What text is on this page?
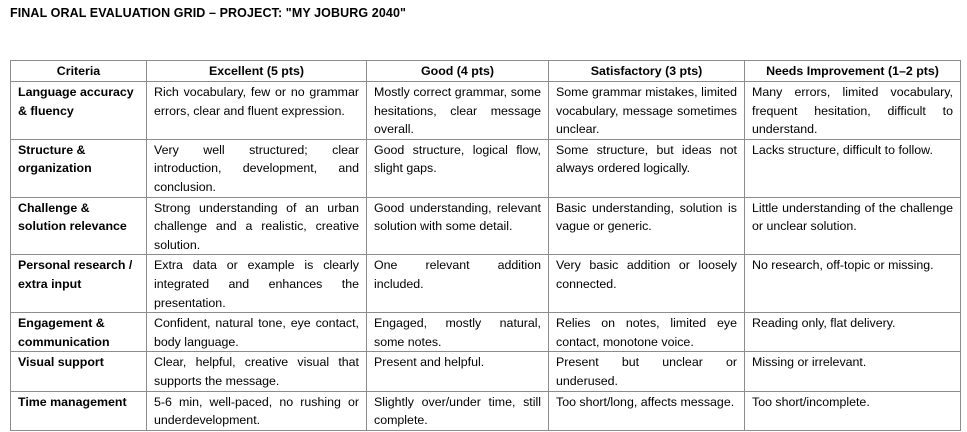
FINAL ORAL EVALUATION GRID – PROJECT: "MY JOBURG 2040"
Criteria	Excellent (5 pts)	Good (4 pts)	Satisfactory (3 pts)	Needs Improvement (1–2 pts)
Language accuracy & fluency	Rich vocabulary, few or no grammar errors, clear and fluent expression.	Mostly correct grammar, some hesitations, clear message overall.	Some grammar mistakes, limited vocabulary, message sometimes unclear.	Many errors, limited vocabulary, frequent hesitation, difficult to understand.
Structure & organization	Very well structured; clear introduction, development, and conclusion.	Good structure, logical flow, slight gaps.	Some structure, but ideas not always ordered logically.	Lacks structure, difficult to follow.
Challenge & solution relevance	Strong understanding of an urban challenge and a realistic, creative solution.	Good understanding, relevant solution with some detail.	Basic understanding, solution is vague or generic.	Little understanding of the challenge or unclear solution.
Personal research / extra input	Extra data or example is clearly integrated and enhances the presentation.	One relevant addition included.	Very basic addition or loosely connected.	No research, off-topic or missing.
Engagement & communication	Confident, natural tone, eye contact, body language.	Engaged, mostly natural, some notes.	Relies on notes, limited eye contact, monotone voice.	Reading only, flat delivery.
Visual support	Clear, helpful, creative visual that supports the message.	Present and helpful.	Present but unclear or underused.	Missing or irrelevant.
Time management	5-6 min, well-paced, no rushing or underdevelopment.	Slightly over/under time, still complete.	Too short/long, affects message.	Too short/incomplete.
